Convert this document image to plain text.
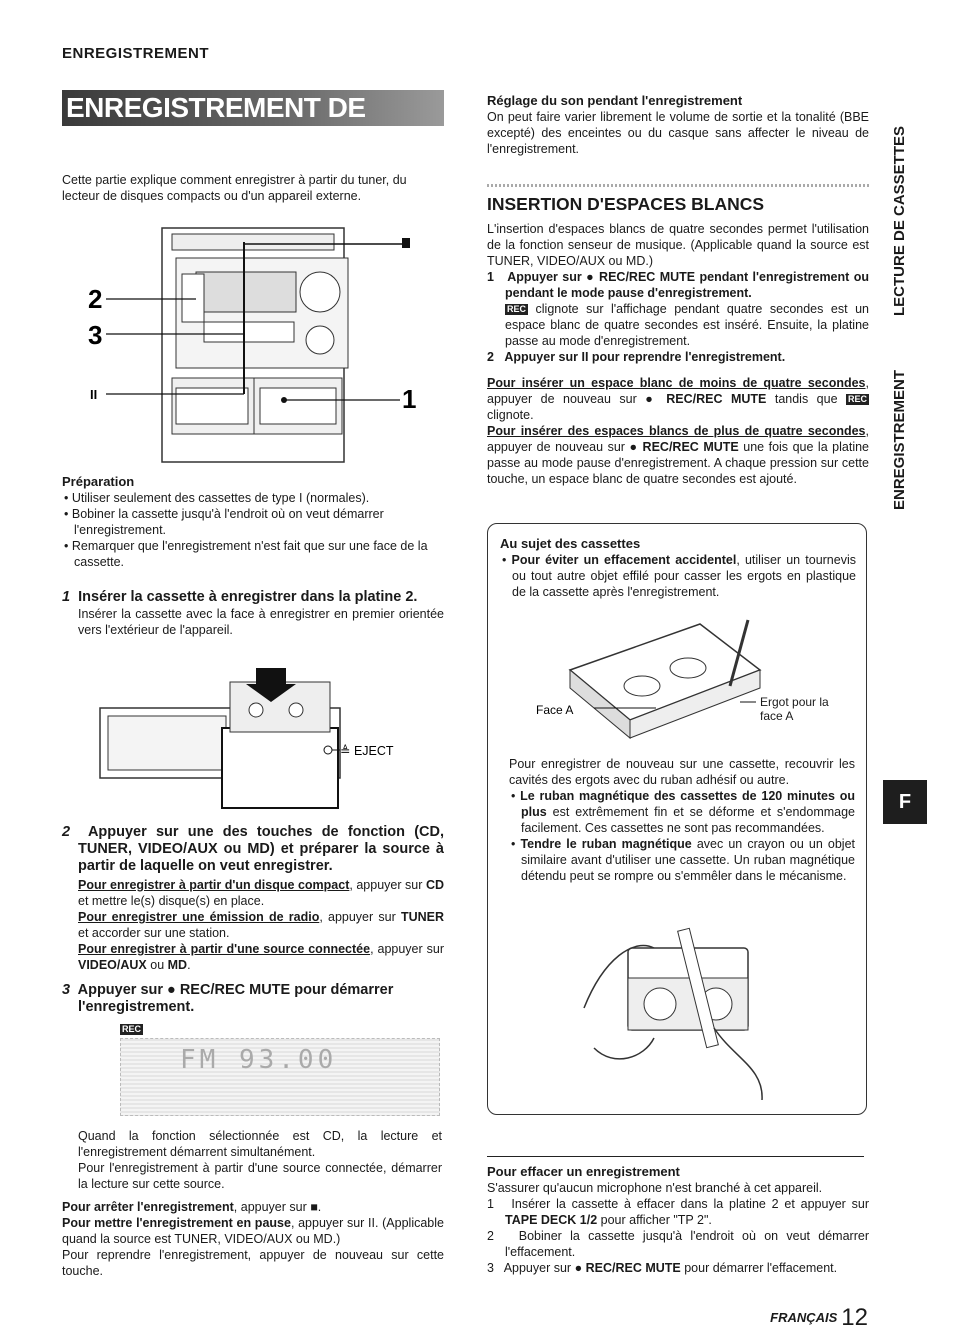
ENREGISTREMENT
ENREGISTREMENT DE BASE

Cette partie explique comment enregistrer à partir du tuner, du lecteur de disques compacts ou d'un appareil externe.

2
3
II	1
Préparation
• Utiliser seulement des cassettes de type I (normales).
• Bobiner la cassette jusqu'à l'endroit où on veut démarrer l'enregistrement.
• Remarquer que l'enregistrement n'est fait que sur une face de la cassette.
1 Insérer la cassette à enregistrer dans la platine 2.

Insérer la cassette avec la face à enregistrer en premier orientée vers l'extérieur de l'appareil.

≜ EJECT
2 Appuyer sur une des touches de fonction (CD, TUNER, VIDEO/AUX ou MD) et préparer la source à partir de laquelle on veut enregistrer.

Pour enregistrer à partir d'un disque compact, appuyer sur CD et mettre le(s) disque(s) en place.

Pour enregistrer une émission de radio, appuyer sur TUNER et accorder sur une station.

Pour enregistrer à partir d'une source connectée, appuyer sur VIDEO/AUX ou MD.

3 Appuyer sur ● REC/REC MUTE pour démarrer l'enregistrement.
REC
FM 93.00

Quand la fonction sélectionnée est CD, la lecture et l'enregistrement démarrent simultanément.

Pour l'enregistrement à partir d'une source connectée, démarrer la lecture sur cette source.

Pour arrêter l'enregistrement, appuyer sur ■.

Pour mettre l'enregistrement en pause, appuyer sur II. (Applicable quand la source est TUNER, VIDEO/AUX ou MD.)

Pour reprendre l'enregistrement, appuyer de nouveau sur cette touche.

Réglage du son pendant l'enregistrement

On peut faire varier librement le volume de sortie et la tonalité (BBE excepté) des enceintes ou du casque sans affecter le niveau de l'enregistrement.

INSERTION D'ESPACES BLANCS

L'insertion d'espaces blancs de quatre secondes permet l'utilisation de la fonction senseur de musique. (Applicable quand la source est TUNER, VIDEO/AUX ou MD.)

1 Appuyer sur ● REC/REC MUTE pendant l'enregistrement ou pendant le mode pause d'enregistrement.

REC clignote sur l'affichage pendant quatre secondes est un espace blanc de quatre secondes est inséré. Ensuite, la platine passe au mode d'enregistrement.

2 Appuyer sur II pour reprendre l'enregistrement.

Pour insérer un espace blanc de moins de quatre secondes, appuyer de nouveau sur ● REC/REC MUTE tandis que REC clignote.

Pour insérer des espaces blancs de plus de quatre secondes, appuyer de nouveau sur ● REC/REC MUTE une fois que la platine passe au mode pause d'enregistrement. A chaque pression sur cette touche, un espace blanc de quatre secondes est ajouté.

Au sujet des cassettes
• Pour éviter un effacement accidentel, utiliser un tournevis ou tout autre objet effilé pour casser les ergots en plastique de la cassette après l'enregistrement.
Face A
Ergot pour la face A

Pour enregistrer de nouveau sur une cassette, recouvrir les cavités des ergots avec du ruban adhésif ou autre.

• Le ruban magnétique des cassettes de 120 minutes ou plus est extrêmement fin et se déforme et s'endommage facilement. Ces cassettes ne sont pas recommandées.
• Tendre le ruban magnétique avec un crayon ou un objet similaire avant d'utiliser une cassette. Un ruban magnétique détendu peut se rompre ou s'emmêler dans le mécanisme.
Pour effacer un enregistrement

S'assurer qu'aucun microphone n'est branché à cet appareil.

1 Insérer la cassette à effacer dans la platine 2 et appuyer sur TAPE DECK 1/2 pour afficher "TP 2".
2 Bobiner la cassette jusqu'à l'endroit où on veut démarrer l'effacement.
3 Appuyer sur ● REC/REC MUTE pour démarrer l'effacement.
LECTURE DE CASSETTES
ENREGISTREMENT
F
FRANÇAIS 12
